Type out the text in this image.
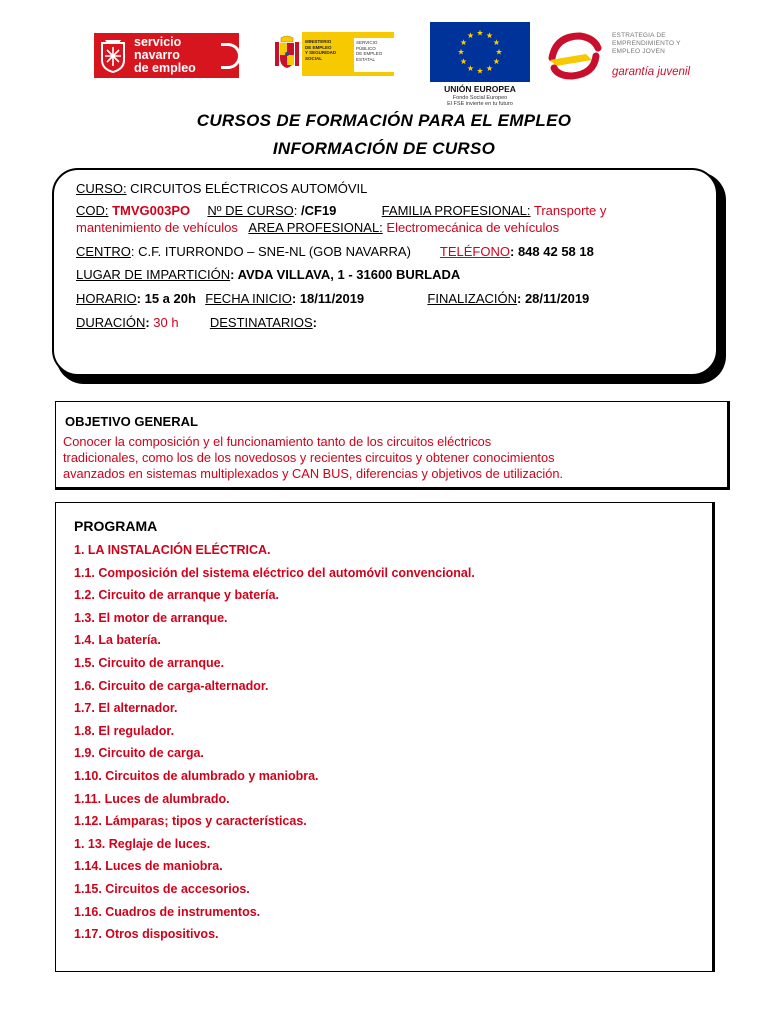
servicio
navarro
de empleo
MINISTERIO
DE EMPLEO
Y SEGURIDAD SOCIAL
SERVICIO PÚBLICO
DE EMPLEO ESTATAL
UNIÓN EUROPEA
Fondo Social Europeo
El FSE invierte en tu futuro
ESTRATEGIA DE
EMPRENDIMIENTO Y
EMPLEO JOVEN
garantía juvenil
CURSOS DE FORMACIÓN PARA EL EMPLEO
INFORMACIÓN DE CURSO
CURSO: CIRCUITOS ELÉCTRICOS AUTOMÓVIL
COD: TMVG003PO Nº DE CURSO: /CF19	FAMILIA PROFESIONAL: Transporte y
mantenimiento de vehículos AREA PROFESIONAL: Electromecánica de vehículos
CENTRO: C.F. ITURRONDO – SNE-NL (GOB NAVARRA) TELÉFONO: 848 42 58 18
LUGAR DE IMPARTICIÓN: AVDA VILLAVA, 1 - 31600 BURLADA
HORARIO: 15 a 20h FECHA INICIO: 18/11/2019	FINALIZACIÓN: 28/11/2019
DURACIÓN: 30 h DESTINATARIOS:
OBJETIVO GENERAL
Conocer la composición y el funcionamiento tanto de los circuitos eléctricos
tradicionales, como los de los novedosos y recientes circuitos y obtener conocimientos
avanzados en sistemas multiplexados y CAN BUS, diferencias y objetivos de utilización.
PROGRAMA
1. LA INSTALACIÓN ELÉCTRICA.
1.1. Composición del sistema eléctrico del automóvil convencional.
1.2. Circuito de arranque y batería.
1.3. El motor de arranque.
1.4. La batería.
1.5. Circuito de arranque.
1.6. Circuito de carga-alternador.
1.7. El alternador.
1.8. El regulador.
1.9. Circuito de carga.
1.10. Circuitos de alumbrado y maniobra.
1.11. Luces de alumbrado.
1.12. Lámparas; tipos y características.
1. 13. Reglaje de luces.
1.14. Luces de maniobra.
1.15. Circuitos de accesorios.
1.16. Cuadros de instrumentos.
1.17. Otros dispositivos.
